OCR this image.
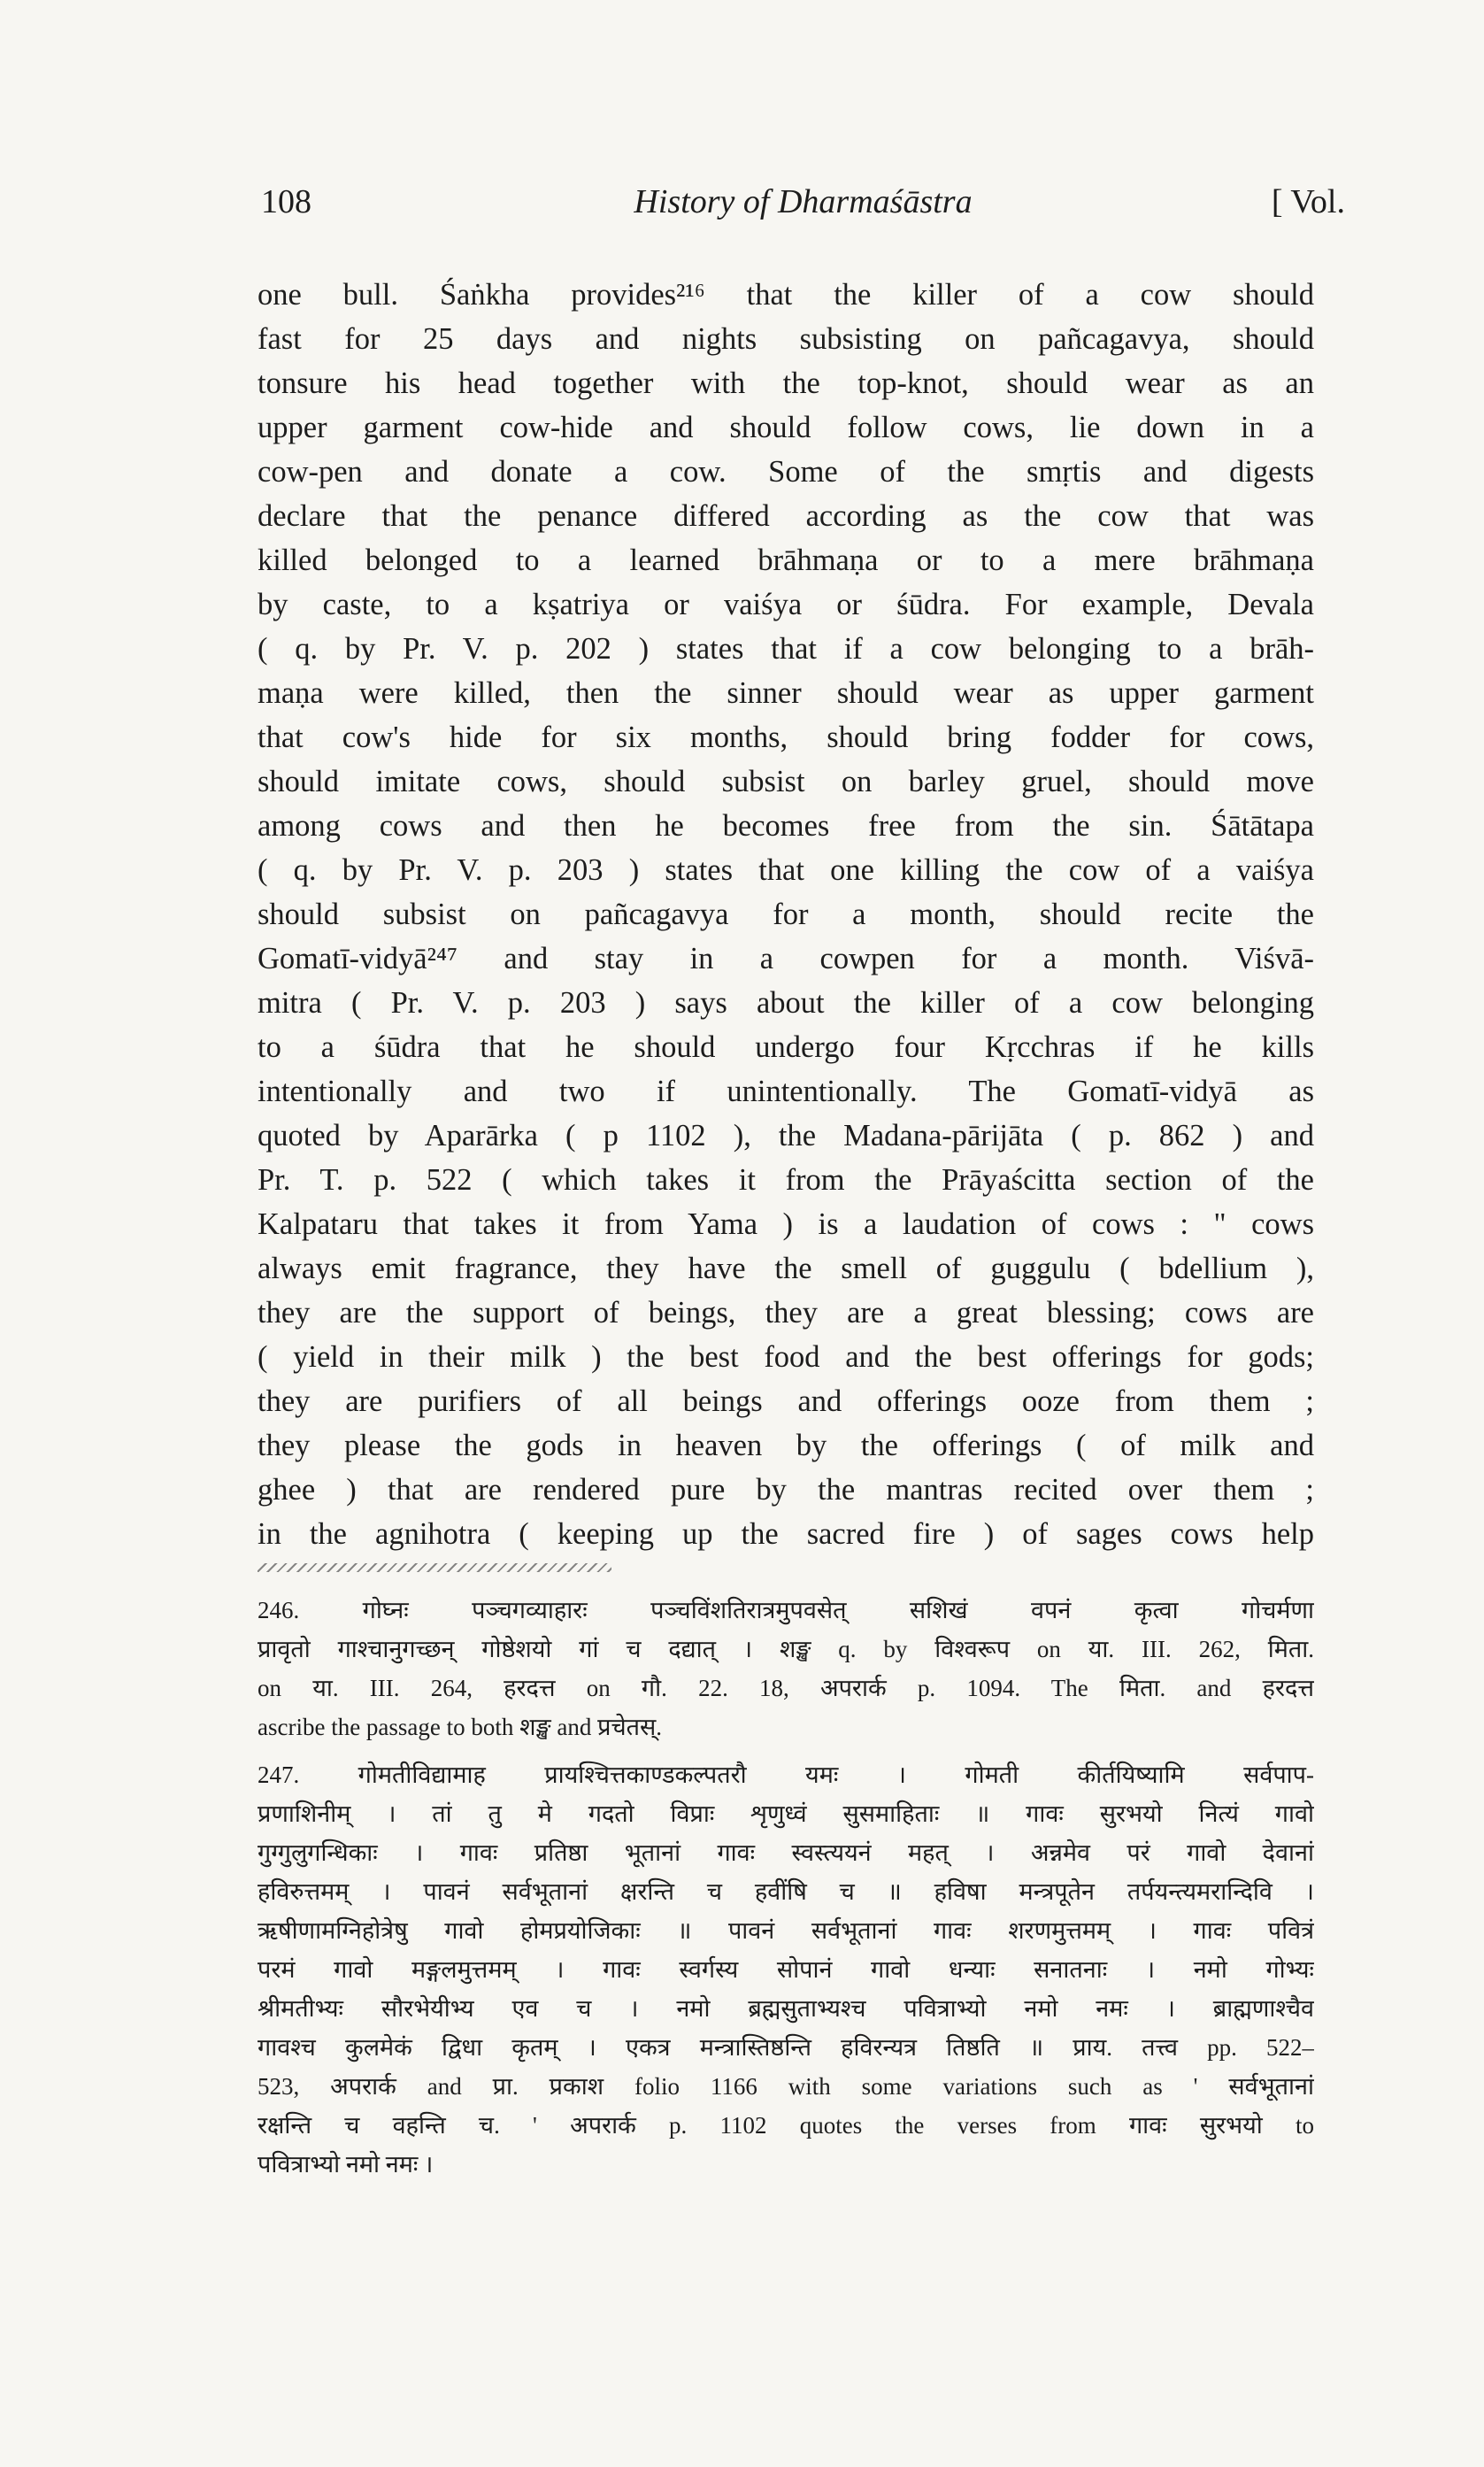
108	History of Dharmaśāstra	[ Vol.
one bull. Śaṅkha provides²¹⁶ that the killer of a cow should
fast for 25 days and nights subsisting on pañcagavya, should
tonsure his head together with the top-knot, should wear as an
upper garment cow-hide and should follow cows, lie down in a
cow-pen and donate a cow. Some of the smṛtis and digests
declare that the penance differed according as the cow that was
killed belonged to a learned brāhmaṇa or to a mere brāhmaṇa
by caste, to a kṣatriya or vaiśya or śūdra. For example, Devala
( q. by Pr. V. p. 202 ) states that if a cow belonging to a brāh-
maṇa were killed, then the sinner should wear as upper garment
that cow's hide for six months, should bring fodder for cows,
should imitate cows, should subsist on barley gruel, should move
among cows and then he becomes free from the sin. Śātātapa
( q. by Pr. V. p. 203 ) states that one killing the cow of a vaiśya
should subsist on pañcagavya for a month, should recite the
Gomatī-vidyā²⁴⁷ and stay in a cowpen for a month. Viśvā-
mitra ( Pr. V. p. 203 ) says about the killer of a cow belonging
to a śūdra that he should undergo four Kṛcchras if he kills
intentionally and two if unintentionally. The Gomatī-vidyā as
quoted by Aparārka ( p 1102 ), the Madana-pārijāta ( p. 862 ) and
Pr. T. p. 522 ( which takes it from the Prāyaścitta section of the
Kalpataru that takes it from Yama ) is a laudation of cows : " cows
always emit fragrance, they have the smell of guggulu ( bdellium ),
they are the support of beings, they are a great blessing; cows are
( yield in their milk ) the best food and the best offerings for gods;
they are purifiers of all beings and offerings ooze from them ;
they please the gods in heaven by the offerings ( of milk and
ghee ) that are rendered pure by the mantras recited over them ;
in the agnihotra ( keeping up the sacred fire ) of sages cows help
246. गोघ्नः पञ्चगव्याहारः पञ्चविंशतिरात्रमुपवसेत् सशिखं वपनं कृत्वा गोचर्मणा
प्रावृतो गाश्चानुगच्छन् गोष्ठेशयो गां च दद्यात् । शङ्ख q. by विश्वरूप on या. III. 262, मिता.
on या. III. 264, हरदत्त on गौ. 22. 18, अपरार्क p. 1094. The मिता. and हरदत्त
ascribe the passage to both शङ्ख and प्रचेतस्.
247. गोमतीविद्यामाह प्रायश्चित्तकाण्डकल्पतरौ यमः । गोमती कीर्तयिष्यामि सर्वपाप-
प्रणाशिनीम् । तां तु मे गदतो विप्राः शृणुध्वं सुसमाहिताः ॥ गावः सुरभयो नित्यं गावो
गुग्गुलुगन्धिकाः । गावः प्रतिष्ठा भूतानां गावः स्वस्त्ययनं महत् । अन्नमेव परं गावो देवानां
हविरुत्तमम् । पावनं सर्वभूतानां क्षरन्ति च हवींषि च ॥ हविषा मन्त्रपूतेन तर्पयन्त्यमरान्दिवि ।
ऋषीणामग्निहोत्रेषु गावो होमप्रयोजिकाः ॥ पावनं सर्वभूतानां गावः शरणमुत्तमम् । गावः पवित्रं
परमं गावो मङ्गलमुत्तमम् । गावः स्वर्गस्य सोपानं गावो धन्याः सनातनाः । नमो गोभ्यः
श्रीमतीभ्यः सौरभेयीभ्य एव च । नमो ब्रह्मसुताभ्यश्च पवित्राभ्यो नमो नमः । ब्राह्मणाश्चैव
गावश्च कुलमेकं द्विधा कृतम् । एकत्र मन्त्रास्तिष्ठन्ति हविरन्यत्र तिष्ठति ॥ प्राय. तत्त्व pp. 522–
523, अपरार्क and प्रा. प्रकाश folio 1166 with some variations such as ' सर्वभूतानां
रक्षन्ति च वहन्ति च. ' अपरार्क p. 1102 quotes the verses from गावः सुरभयो to
पवित्राभ्यो नमो नमः ।
